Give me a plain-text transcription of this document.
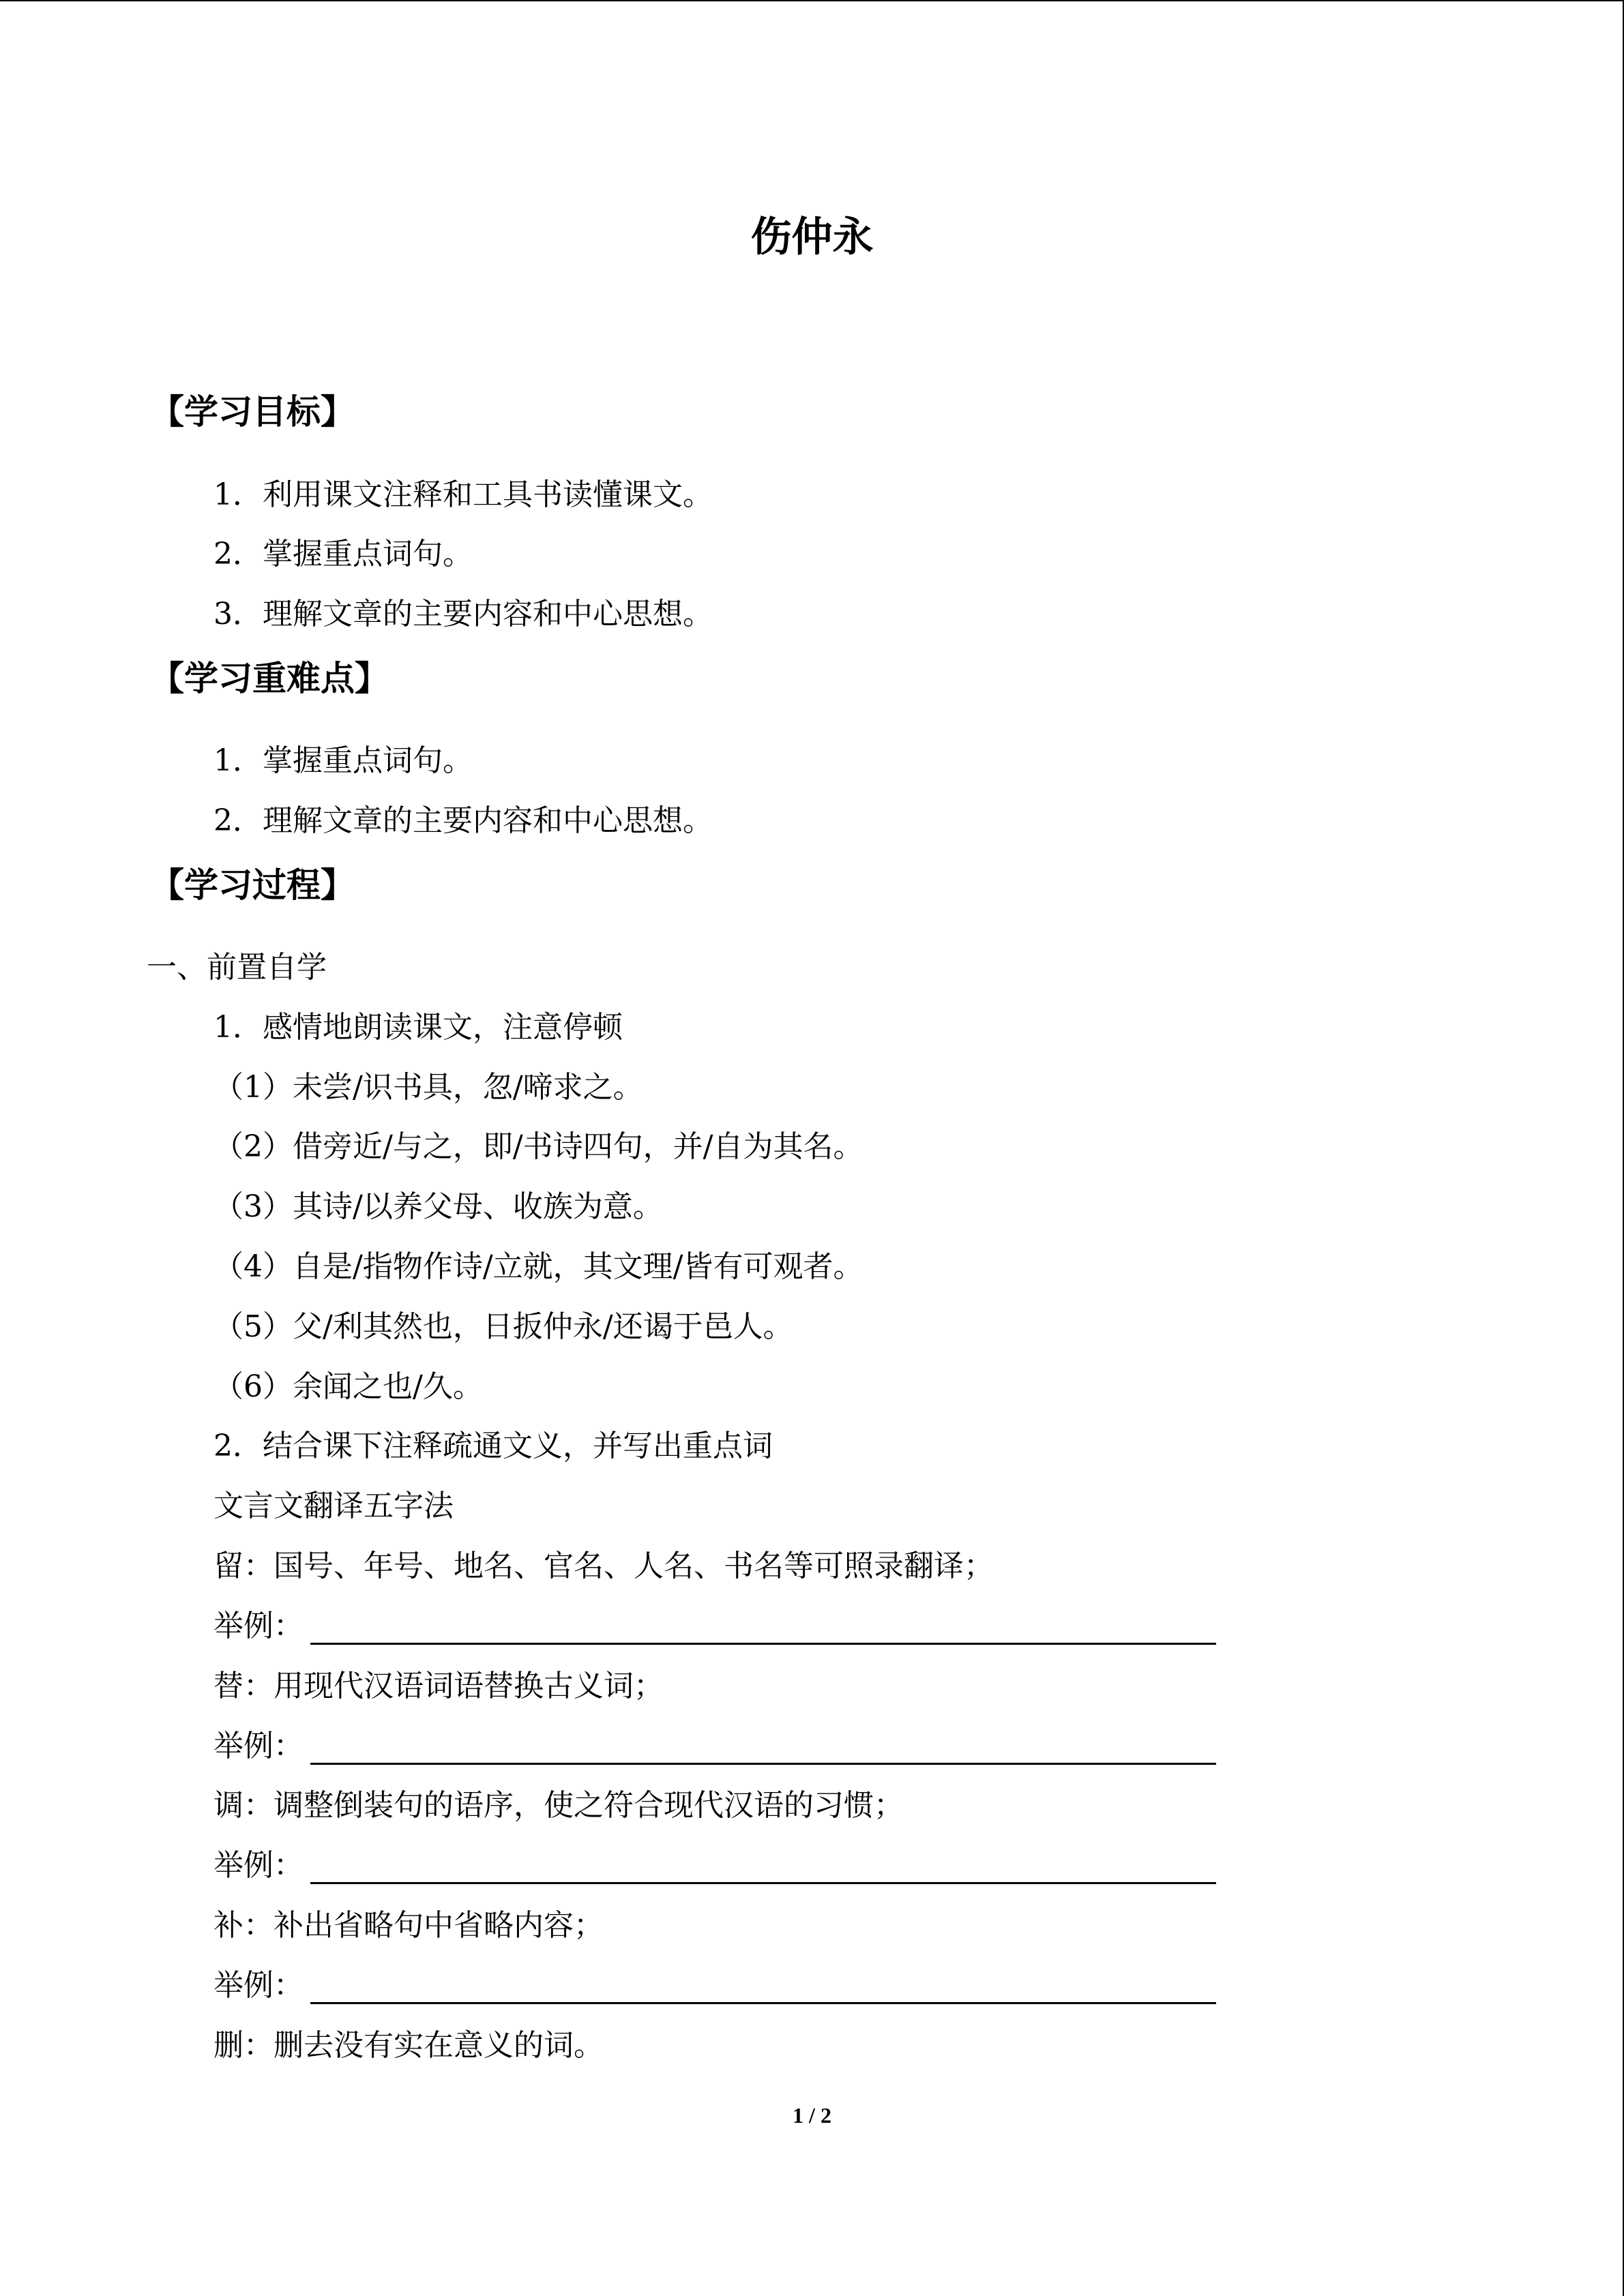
伤仲永
【学习目标】
1．利用课文注释和工具书读懂课文。
2．掌握重点词句。
3．理解文章的主要内容和中心思想。
【学习重难点】
1．掌握重点词句。
2．理解文章的主要内容和中心思想。
【学习过程】
一、前置自学
1．感情地朗读课文，注意停顿
（1）未尝/识书具，忽/啼求之。
（2）借旁近/与之，即/书诗四句，并/自为其名。
（3）其诗/以养父母、收族为意。
（4）自是/指物作诗/立就，其文理/皆有可观者。
（5）父/利其然也，日扳仲永/还谒于邑人。
（6）余闻之也/久。
2．结合课下注释疏通文义，并写出重点词
文言文翻译五字法
留：国号、年号、地名、官名、人名、书名等可照录翻译；
举例：
替：用现代汉语词语替换古义词；
举例：
调：调整倒装句的语序，使之符合现代汉语的习惯；
举例：
补：补出省略句中省略内容；
举例：
删：删去没有实在意义的词。
1 / 2
